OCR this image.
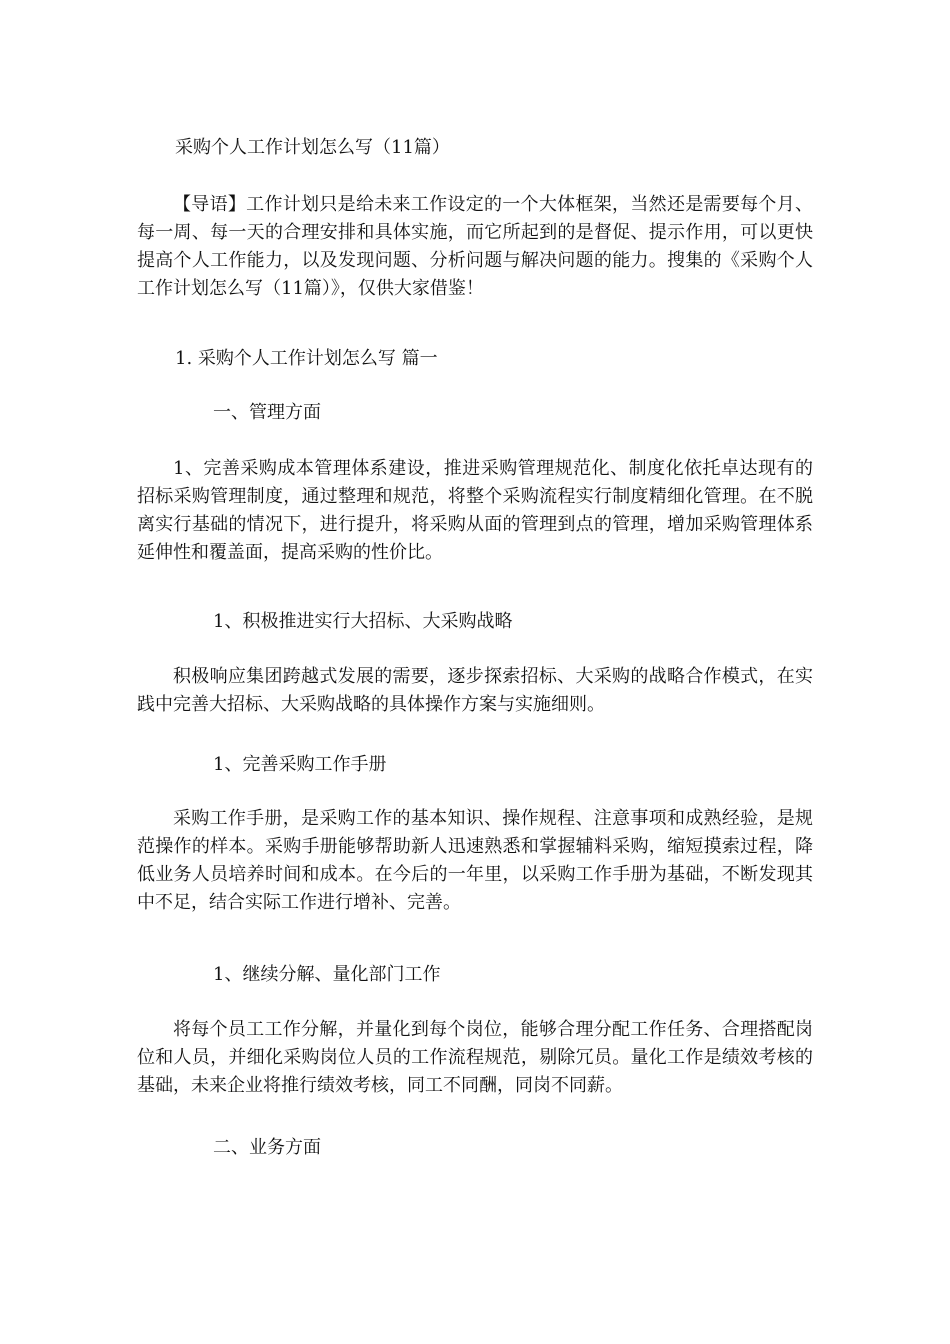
采购个人工作计划怎么写（11篇）

【导语】工作计划只是给未来工作设定的一个大体框架，当然还是需要每个月、每一周、每一天的合理安排和具体实施，而它所起到的是督促、提示作用，可以更快提高个人工作能力，以及发现问题、分析问题与解决问题的能力。搜集的《采购个人工作计划怎么写（11篇）》，仅供大家借鉴！

1. 采购个人工作计划怎么写 篇一

一、管理方面

1、完善采购成本管理体系建设，推进采购管理规范化、制度化依托卓达现有的招标采购管理制度，通过整理和规范，将整个采购流程实行制度精细化管理。在不脱离实行基础的情况下，进行提升，将采购从面的管理到点的管理，增加采购管理体系延伸性和覆盖面，提高采购的性价比。

1、积极推进实行大招标、大采购战略

积极响应集团跨越式发展的需要，逐步探索招标、大采购的战略合作模式，在实践中完善大招标、大采购战略的具体操作方案与实施细则。

1、完善采购工作手册

采购工作手册，是采购工作的基本知识、操作规程、注意事项和成熟经验，是规范操作的样本。采购手册能够帮助新人迅速熟悉和掌握辅料采购，缩短摸索过程，降低业务人员培养时间和成本。在今后的一年里，以采购工作手册为基础，不断发现其中不足，结合实际工作进行增补、完善。

1、继续分解、量化部门工作

将每个员工工作分解，并量化到每个岗位，能够合理分配工作任务、合理搭配岗位和人员，并细化采购岗位人员的工作流程规范，剔除冗员。量化工作是绩效考核的基础，未来企业将推行绩效考核，同工不同酬，同岗不同薪。

二、业务方面
